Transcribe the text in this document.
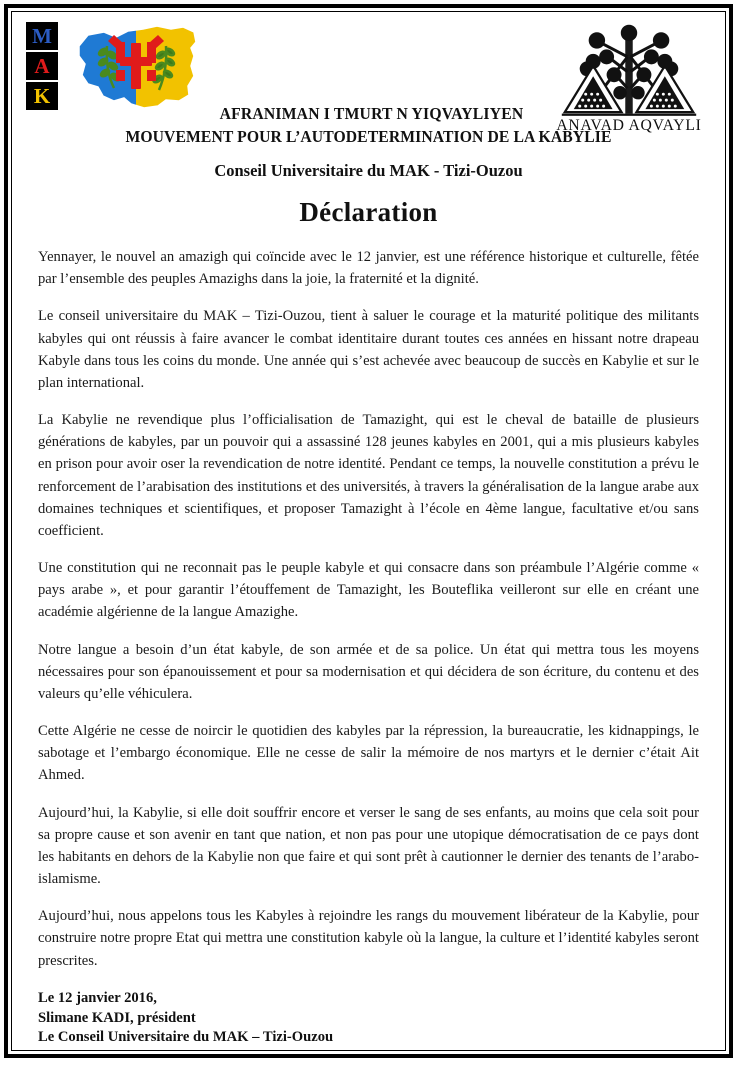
M
A
K
ANAVAD AQVAYLI
AFRANIMAN I TMURT N YIQVAYLIYEN
MOUVEMENT POUR L’AUTODETERMINATION DE LA KABYLIE
Conseil Universitaire du MAK - Tizi-Ouzou
Déclaration

Yennayer, le nouvel an amazigh qui coïncide avec le 12 janvier, est une référence historique et culturelle, fêtée par l’ensemble des peuples Amazighs dans la joie, la fraternité et la dignité.

Le conseil universitaire du MAK – Tizi-Ouzou, tient à saluer le courage et la maturité politique des militants kabyles qui ont réussis à faire avancer le combat identitaire durant toutes ces années en hissant notre drapeau Kabyle dans tous les coins du monde. Une année qui s’est achevée avec beaucoup de succès en Kabylie et sur le plan international.

La Kabylie ne revendique plus l’officialisation de Tamazight, qui est le cheval de bataille de plusieurs générations de kabyles, par un pouvoir qui a assassiné 128 jeunes kabyles en 2001, qui a mis plusieurs kabyles en prison pour avoir oser la revendication de notre identité. Pendant ce temps, la nouvelle constitution a prévu le renforcement de l’arabisation des institutions et des universités, à travers la généralisation de la langue arabe aux domaines techniques et scientifiques, et proposer Tamazight à l’école en 4ème langue, facultative et/ou sans coefficient.

Une constitution qui ne reconnait pas le peuple kabyle et qui consacre dans son préambule l’Algérie comme « pays arabe », et pour garantir l’étouffement de Tamazight, les Bouteflika veilleront sur elle en créant une académie algérienne de la langue Amazighe.

Notre langue a besoin d’un état kabyle, de son armée et de sa police. Un état qui mettra tous les moyens nécessaires pour son épanouissement et pour sa modernisation et qui décidera de son écriture, du contenu et des valeurs qu’elle véhiculera.

Cette Algérie ne cesse de noircir le quotidien des kabyles par la répression, la bureaucratie, les kidnappings, le sabotage et l’embargo économique. Elle ne cesse de salir la mémoire de nos martyrs et le dernier c’était Ait Ahmed.

Aujourd’hui, la Kabylie, si elle doit souffrir encore et verser le sang de ses enfants, au moins que cela soit pour sa propre cause et son avenir en tant que nation, et non pas pour une utopique démocratisation de ce pays dont les habitants en dehors de la Kabylie non que faire et qui sont prêt à cautionner le dernier des tenants de l’arabo-islamisme.

Aujourd’hui, nous appelons tous les Kabyles à rejoindre les rangs du mouvement libérateur de la Kabylie, pour construire notre propre Etat qui mettra une constitution kabyle où la langue, la culture et l’identité kabyles seront prescrites.

Le 12 janvier 2016,
Slimane KADI, président
Le Conseil Universitaire du MAK – Tizi-Ouzou
